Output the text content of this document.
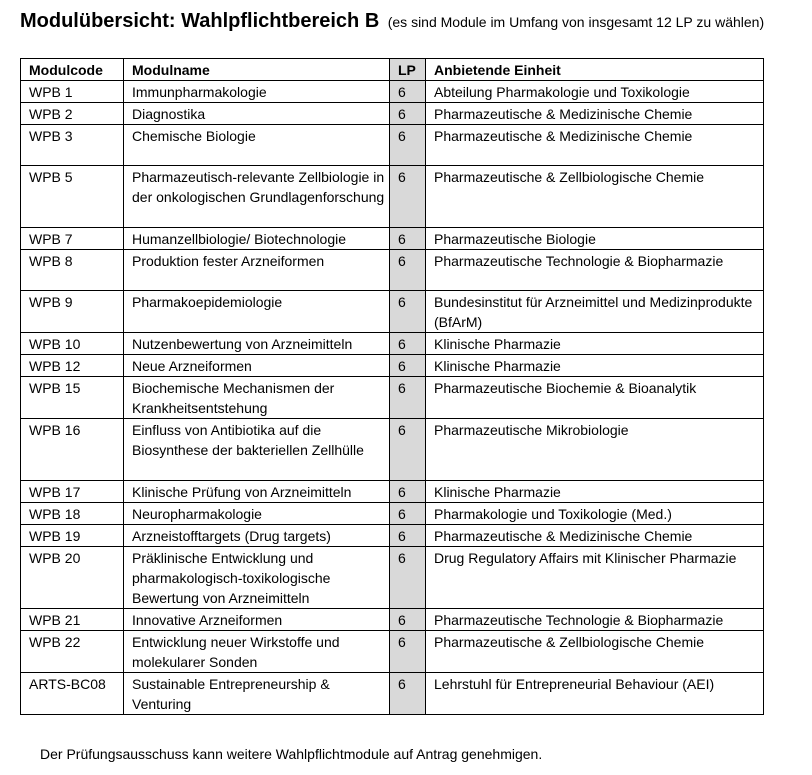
Modulübersicht: Wahlpflichtbereich B (es sind Module im Umfang von insgesamt 12 LP zu wählen)
Modulcode	Modulname	LP	Anbietende Einheit
WPB 1	Immunpharmakologie	6	Abteilung Pharmakologie und Toxikologie
WPB 2	Diagnostika	6	Pharmazeutische & Medizinische Chemie
WPB 3	Chemische Biologie	6	Pharmazeutische & Medizinische Chemie
WPB 5	Pharmazeutisch-relevante Zellbiologie in der onkologischen Grundlagenforschung	6	Pharmazeutische & Zellbiologische Chemie
WPB 7	Humanzellbiologie/ Biotechnologie	6	Pharmazeutische Biologie
WPB 8	Produktion fester Arzneiformen	6	Pharmazeutische Technologie & Biopharmazie
WPB 9	Pharmakoepidemiologie	6	Bundesinstitut für Arzneimittel und Medizinprodukte (BfArM)
WPB 10	Nutzenbewertung von Arzneimitteln	6	Klinische Pharmazie
WPB 12	Neue Arzneiformen	6	Klinische Pharmazie
WPB 15	Biochemische Mechanismen der Krankheitsentstehung	6	Pharmazeutische Biochemie & Bioanalytik
WPB 16	Einfluss von Antibiotika auf die Biosynthese der bakteriellen Zellhülle	6	Pharmazeutische Mikrobiologie
WPB 17	Klinische Prüfung von Arzneimitteln	6	Klinische Pharmazie
WPB 18	Neuropharmakologie	6	Pharmakologie und Toxikologie (Med.)
WPB 19	Arzneistofftargets (Drug targets)	6	Pharmazeutische & Medizinische Chemie
WPB 20	Präklinische Entwicklung und pharmakologisch-toxikologische Bewertung von Arzneimitteln	6	Drug Regulatory Affairs mit Klinischer Pharmazie
WPB 21	Innovative Arzneiformen	6	Pharmazeutische Technologie & Biopharmazie
WPB 22	Entwicklung neuer Wirkstoffe und molekularer Sonden	6	Pharmazeutische & Zellbiologische Chemie
ARTS-BC08	Sustainable Entrepreneurship & Venturing	6	Lehrstuhl für Entrepreneurial Behaviour (AEI)
Der Prüfungsausschuss kann weitere Wahlpflichtmodule auf Antrag genehmigen.
